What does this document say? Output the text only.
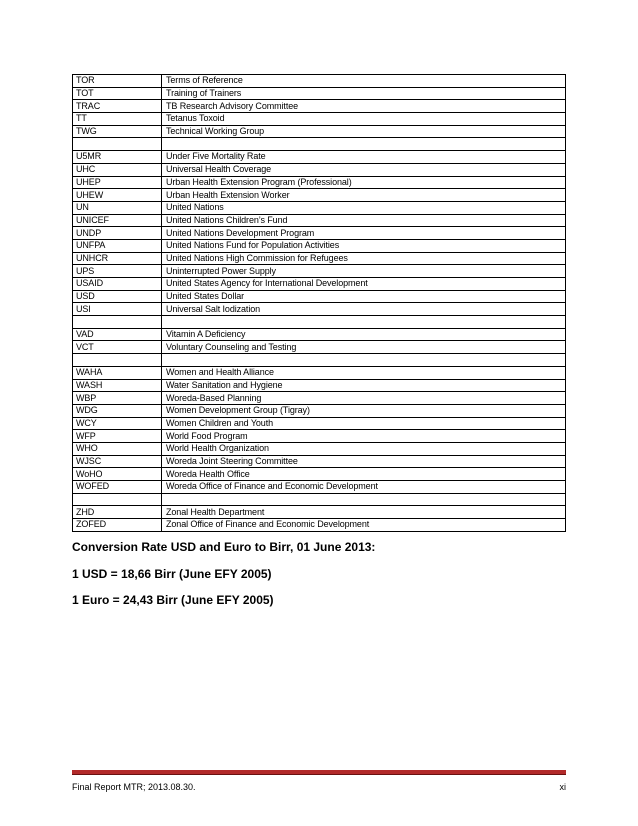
TOR	Terms of Reference
TOT	Training of Trainers
TRAC	TB Research Advisory Committee
TT	Tetanus Toxoid
TWG	Technical Working Group

U5MR	Under Five Mortality Rate
UHC	Universal Health Coverage
UHEP	Urban Health Extension Program (Professional)
UHEW	Urban Health Extension Worker
UN	United Nations
UNICEF	United Nations Children’s Fund
UNDP	United Nations Development Program
UNFPA	United Nations Fund for Population Activities
UNHCR	United Nations High Commission for Refugees
UPS	Uninterrupted Power Supply
USAID	United States Agency for International Development
USD	United States Dollar
USI	Universal Salt Iodization

VAD	Vitamin A Deficiency
VCT	Voluntary Counseling and Testing

WAHA	Women and Health Alliance
WASH	Water Sanitation and Hygiene
WBP	Woreda-Based Planning
WDG	Women Development Group (Tigray)
WCY	Women Children and Youth
WFP	World Food Program
WHO	World Health Organization
WJSC	Woreda Joint Steering Committee
WoHO	Woreda Health Office
WOFED	Woreda Office of Finance and Economic Development

ZHD	Zonal Health Department
ZOFED	Zonal Office of Finance and Economic Development

Conversion Rate USD and Euro to Birr, 01 June 2013:

1 USD = 18,66 Birr (June EFY 2005)

1 Euro = 24,43 Birr (June EFY 2005)

Final Report MTR; 2013.08.30.	xi
